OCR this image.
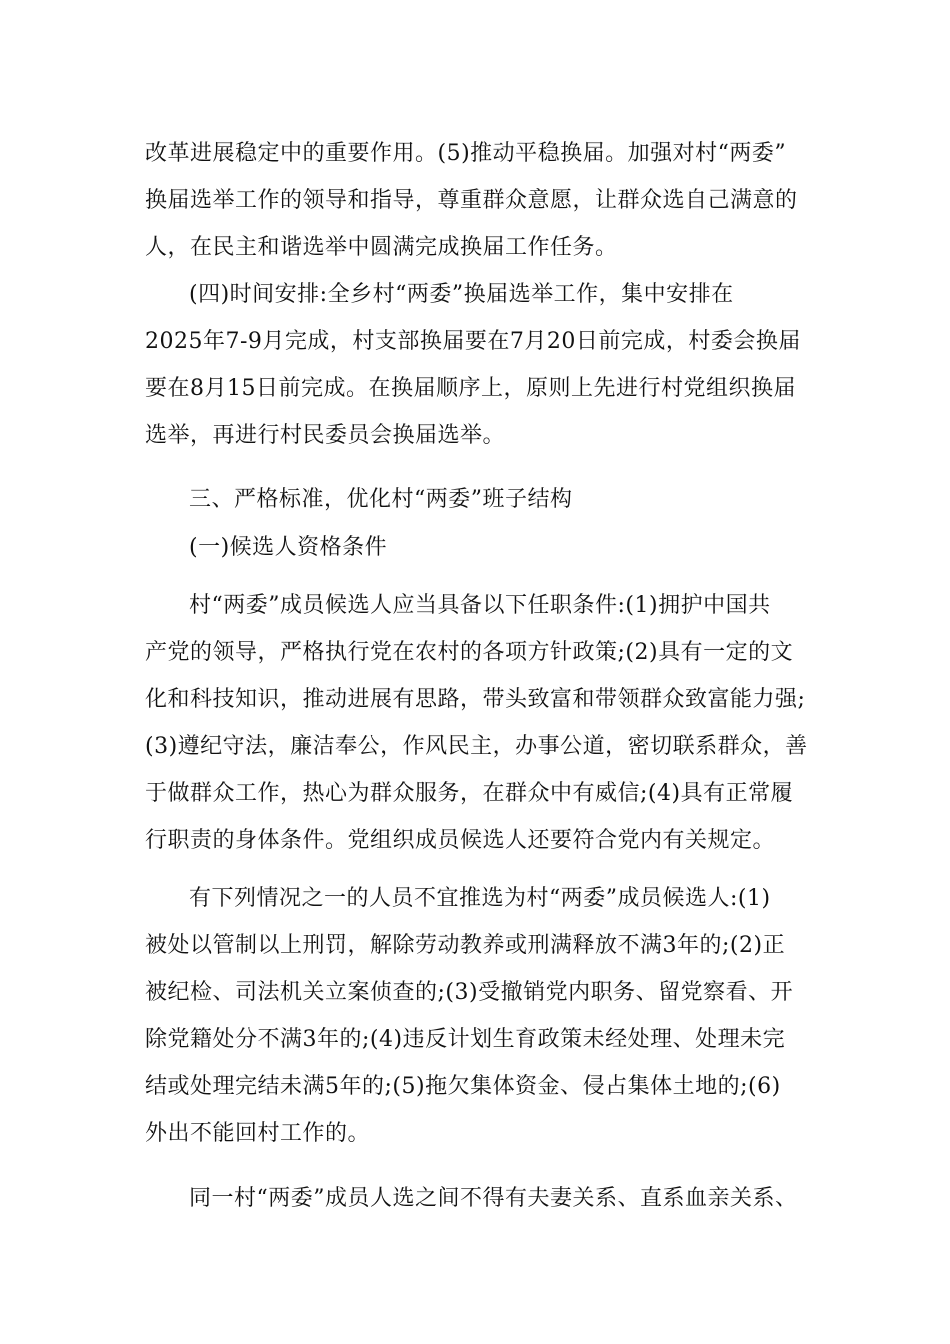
改革进展稳定中的重要作用。(5)推动平稳换届。加强对村“两委”
换届选举工作的领导和指导，尊重群众意愿，让群众选自己满意的
人，在民主和谐选举中圆满完成换届工作任务。
(四)时间安排:全乡村“两委”换届选举工作，集中安排在
2025年7-9月完成，村支部换届要在7月20日前完成，村委会换届
要在8月15日前完成。在换届顺序上，原则上先进行村党组织换届
选举，再进行村民委员会换届选举。
三、严格标准，优化村“两委”班子结构
(一)候选人资格条件
村“两委”成员候选人应当具备以下任职条件:(1)拥护中国共
产党的领导，严格执行党在农村的各项方针政策;(2)具有一定的文
化和科技知识，推动进展有思路，带头致富和带领群众致富能力强;
(3)遵纪守法，廉洁奉公，作风民主，办事公道，密切联系群众，善
于做群众工作，热心为群众服务，在群众中有威信;(4)具有正常履
行职责的身体条件。党组织成员候选人还要符合党内有关规定。
有下列情况之一的人员不宜推选为村“两委”成员候选人:(1)
被处以管制以上刑罚，解除劳动教养或刑满释放不满3年的;(2)正
被纪检、司法机关立案侦查的;(3)受撤销党内职务、留党察看、开
除党籍处分不满3年的;(4)违反计划生育政策未经处理、处理未完
结或处理完结未满5年的;(5)拖欠集体资金、侵占集体土地的;(6)
外出不能回村工作的。
同一村“两委”成员人选之间不得有夫妻关系、直系血亲关系、
